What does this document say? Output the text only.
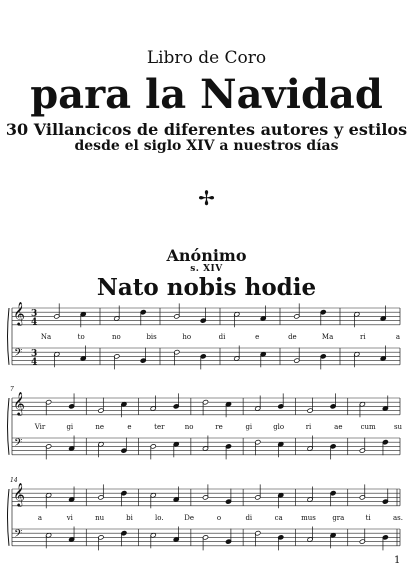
Libro de Coro
para la Navidad
30 Villancicos de diferentes autores y estilos
desde el siglo XIV a nuestros días
✢
Anónimo
s. XIV
Nato nobis hodie
𝄞
𝄢
3
4
3
4
Na	to	no	bis	ho	di	e	de	Ma	ri	a
𝄞
𝄢
7
Vir	gi	ne	e	ter	no	re	gi	glo	ri	ae	cum	su
𝄞
𝄢
14
a	vi	nu	bi	lo.	De	o	di	ca	mus gra	ti	as.
1
